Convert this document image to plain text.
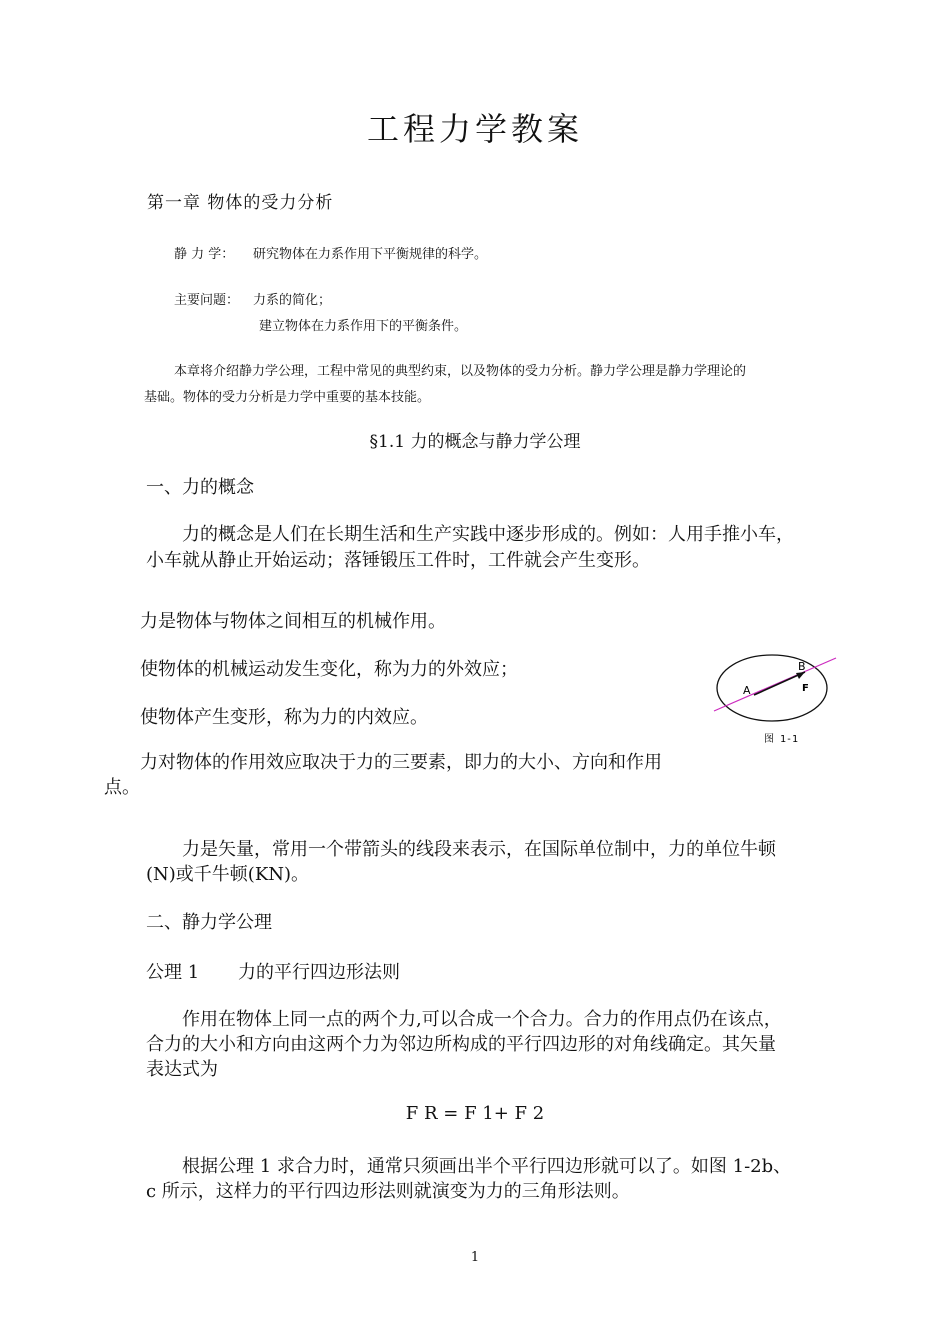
工程力学教案
第一章 物体的受力分析
静 力 学： 研究物体在力系作用下平衡规律的科学。
主要问题： 力系的简化；
建立物体在力系作用下的平衡条件。
本章将介绍静力学公理，工程中常见的典型约束，以及物体的受力分析。静力学公理是静力学理论的
基础。物体的受力分析是力学中重要的基本技能。
§1.1 力的概念与静力学公理
一、力的概念
力的概念是人们在长期生活和生产实践中逐步形成的。例如：人用手推小车，
小车就从静止开始运动；落锤锻压工件时，工件就会产生变形。
力是物体与物体之间相互的机械作用。
使物体的机械运动发生变化，称为力的外效应；
使物体产生变形，称为力的内效应。
力对物体的作用效应取决于力的三要素，即力的大小、方向和作用
点。
A
B
F
图 1-1
力是矢量，常用一个带箭头的线段来表示，在国际单位制中，力的单位牛顿
(N)或千牛顿(KN)。
二、静力学公理
公理 1 力的平行四边形法则
作用在物体上同一点的两个力,可以合成一个合力。合力的作用点仍在该点，
合力的大小和方向由这两个力为邻边所构成的平行四边形的对角线确定。其矢量
表达式为
F R = F 1+ F 2
根据公理 1 求合力时，通常只须画出半个平行四边形就可以了。如图 1-2b、
c 所示，这样力的平行四边形法则就演变为力的三角形法则。
1
